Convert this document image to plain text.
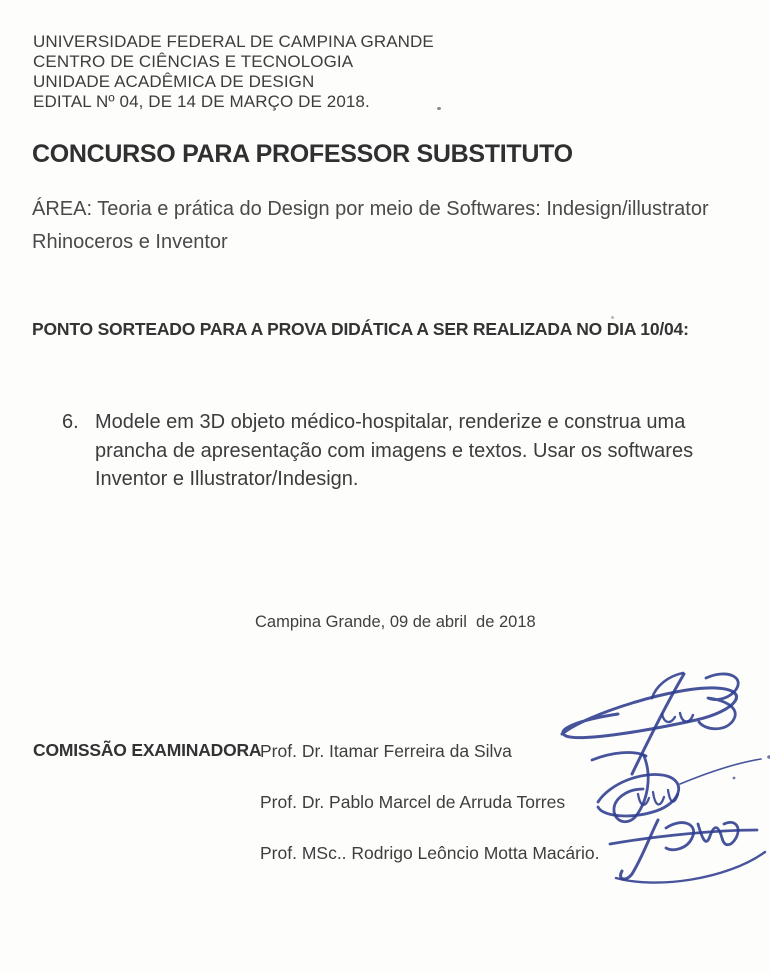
UNIVERSIDADE FEDERAL DE CAMPINA GRANDE
CENTRO DE CIÊNCIAS E TECNOLOGIA
UNIDADE ACADÊMICA DE DESIGN
EDITAL Nº 04, DE 14 DE MARÇO DE 2018.
CONCURSO PARA PROFESSOR SUBSTITUTO
ÁREA: Teoria e prática do Design por meio de Softwares: Indesign/illustrator
Rhinoceros e Inventor
PONTO SORTEADO PARA A PROVA DIDÁTICA A SER REALIZADA NO DIA 10/04:
6. Modele em 3D objeto médico-hospitalar, renderize e construa uma
prancha de apresentação com imagens e textos. Usar os softwares
Inventor e Illustrator/Indesign.
Campina Grande, 09 de abril  de 2018
COMISSÃO EXAMINADORA
Prof. Dr. Itamar Ferreira da Silva
Prof. Dr. Pablo Marcel de Arruda Torres
Prof. MSc.. Rodrigo Leôncio Motta Macário.
